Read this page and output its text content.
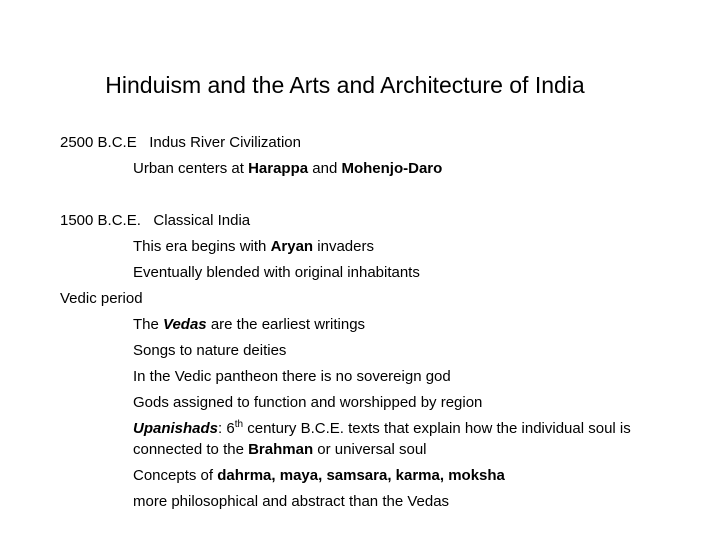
Hinduism and the Arts and Architecture of India
2500 B.C.E Indus River Civilization
Urban centers at Harappa and Mohenjo-Daro
1500 B.C.E. Classical India
This era begins with Aryan invaders
Eventually blended with original inhabitants
Vedic period
The Vedas are the earliest writings
Songs to nature deities
In the Vedic pantheon there is no sovereign god
Gods assigned to function and worshipped by region
Upanishads: 6th century B.C.E. texts that explain how the individual soul is connected to the Brahman or universal soul
Concepts of dahrma, maya, samsara, karma, moksha
more philosophical and abstract than the Vedas
